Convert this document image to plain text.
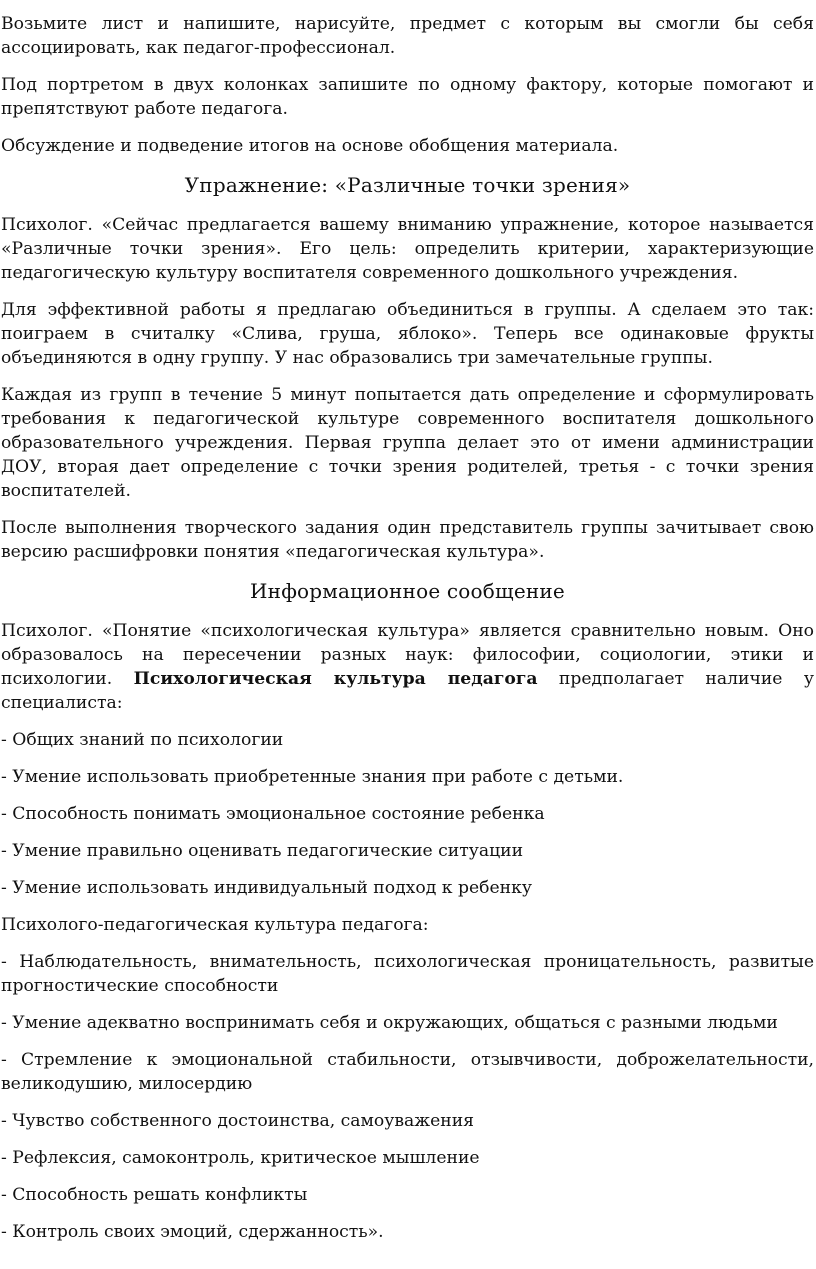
Возьмите лист и напишите, нарисуйте, предмет с которым вы смогли бы себя ассоциировать, как педагог-профессионал.

Под портретом в двух колонках запишите по одному фактору, которые помогают и препятствуют работе педагога.

Обсуждение и подведение итогов на основе обобщения материала.

Упражнение: «Различные точки зрения»

Психолог. «Сейчас предлагается вашему вниманию упражнение, которое называется «Различные точки зрения». Его цель: определить критерии, характеризующие педагогическую культуру воспитателя современного дошкольного учреждения.

Для эффективной работы я предлагаю объединиться в группы. А сделаем это так: поиграем в считалку «Слива, груша, яблоко». Теперь все одинаковые фрукты объединяются в одну группу. У нас образовались три замечательные группы.

Каждая из групп в течение 5 минут попытается дать определение и сформулировать требования к педагогической культуре современного воспитателя дошкольного образовательного учреждения. Первая группа делает это от имени администрации ДОУ, вторая дает определение с точки зрения родителей, третья - с точки зрения воспитателей.

После выполнения творческого задания один представитель группы зачитывает свою версию расшифровки понятия «педагогическая культура».

Информационное сообщение

Психолог. «Понятие «психологическая культура» является сравнительно новым. Оно образовалось на пересечении разных наук: философии, социологии, этики и психологии. Психологическая культура педагога предполагает наличие у специалиста:

- Общих знаний по психологии

- Умение использовать приобретенные знания при работе с детьми.

- Способность понимать эмоциональное состояние ребенка

- Умение правильно оценивать педагогические ситуации

- Умение использовать индивидуальный подход к ребенку

Психолого-педагогическая культура педагога:

- Наблюдательность, внимательность, психологическая проницательность, развитые прогностические способности

- Умение адекватно воспринимать себя и окружающих, общаться с разными людьми

- Стремление к эмоциональной стабильности, отзывчивости, доброжелательности, великодушию, милосердию

- Чувство собственного достоинства, самоуважения

- Рефлексия, самоконтроль, критическое мышление

- Способность решать конфликты

- Контроль своих эмоций, сдержанность».
